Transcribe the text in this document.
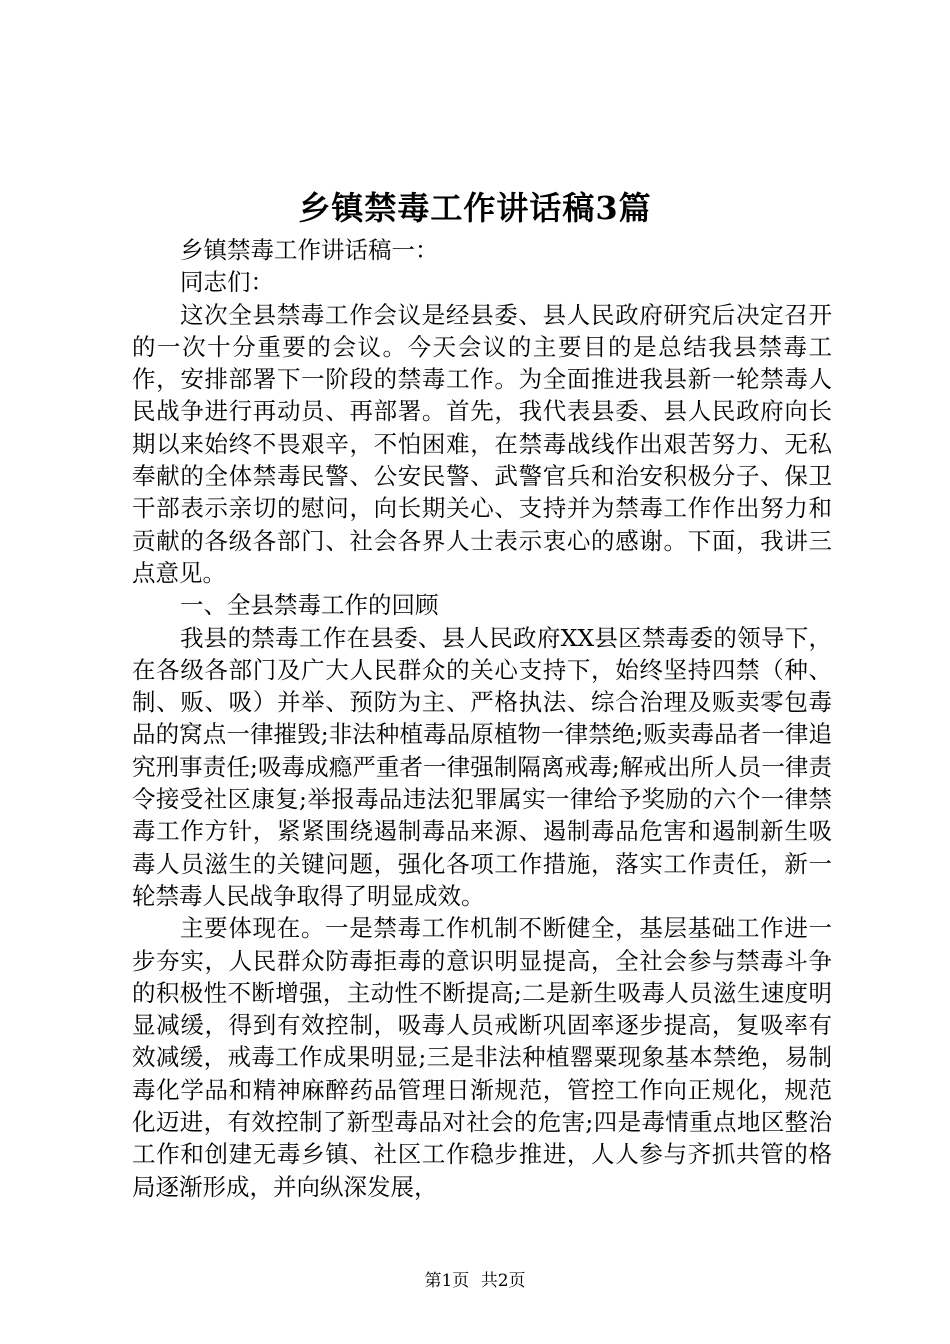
乡镇禁毒工作讲话稿3篇

乡镇禁毒工作讲话稿一：

同志们：

这次全县禁毒工作会议是经县委、县人民政府研究后决定召开的一次十分重要的会议。今天会议的主要目的是总结我县禁毒工作，安排部署下一阶段的禁毒工作。为全面推进我县新一轮禁毒人民战争进行再动员、再部署。首先，我代表县委、县人民政府向长期以来始终不畏艰辛，不怕困难，在禁毒战线作出艰苦努力、无私奉献的全体禁毒民警、公安民警、武警官兵和治安积极分子、保卫干部表示亲切的慰问，向长期关心、支持并为禁毒工作作出努力和贡献的各级各部门、社会各界人士表示衷心的感谢。下面，我讲三点意见。

一、全县禁毒工作的回顾

我县的禁毒工作在县委、县人民政府XX县区禁毒委的领导下，在各级各部门及广大人民群众的关心支持下，始终坚持四禁（种、制、贩、吸）并举、预防为主、严格执法、综合治理及贩卖零包毒品的窝点一律摧毁;非法种植毒品原植物一律禁绝;贩卖毒品者一律追究刑事责任;吸毒成瘾严重者一律强制隔离戒毒;解戒出所人员一律责令接受社区康复;举报毒品违法犯罪属实一律给予奖励的六个一律禁毒工作方针，紧紧围绕遏制毒品来源、遏制毒品危害和遏制新生吸毒人员滋生的关键问题，强化各项工作措施，落实工作责任，新一轮禁毒人民战争取得了明显成效。

主要体现在。一是禁毒工作机制不断健全，基层基础工作进一步夯实，人民群众防毒拒毒的意识明显提高，全社会参与禁毒斗争的积极性不断增强，主动性不断提高;二是新生吸毒人员滋生速度明显减缓，得到有效控制，吸毒人员戒断巩固率逐步提高，复吸率有效减缓，戒毒工作成果明显;三是非法种植罂粟现象基本禁绝，易制毒化学品和精神麻醉药品管理日渐规范，管控工作向正规化，规范化迈进，有效控制了新型毒品对社会的危害;四是毒情重点地区整治工作和创建无毒乡镇、社区工作稳步推进，人人参与齐抓共管的格局逐渐形成，并向纵深发展，

第1页 共2页
